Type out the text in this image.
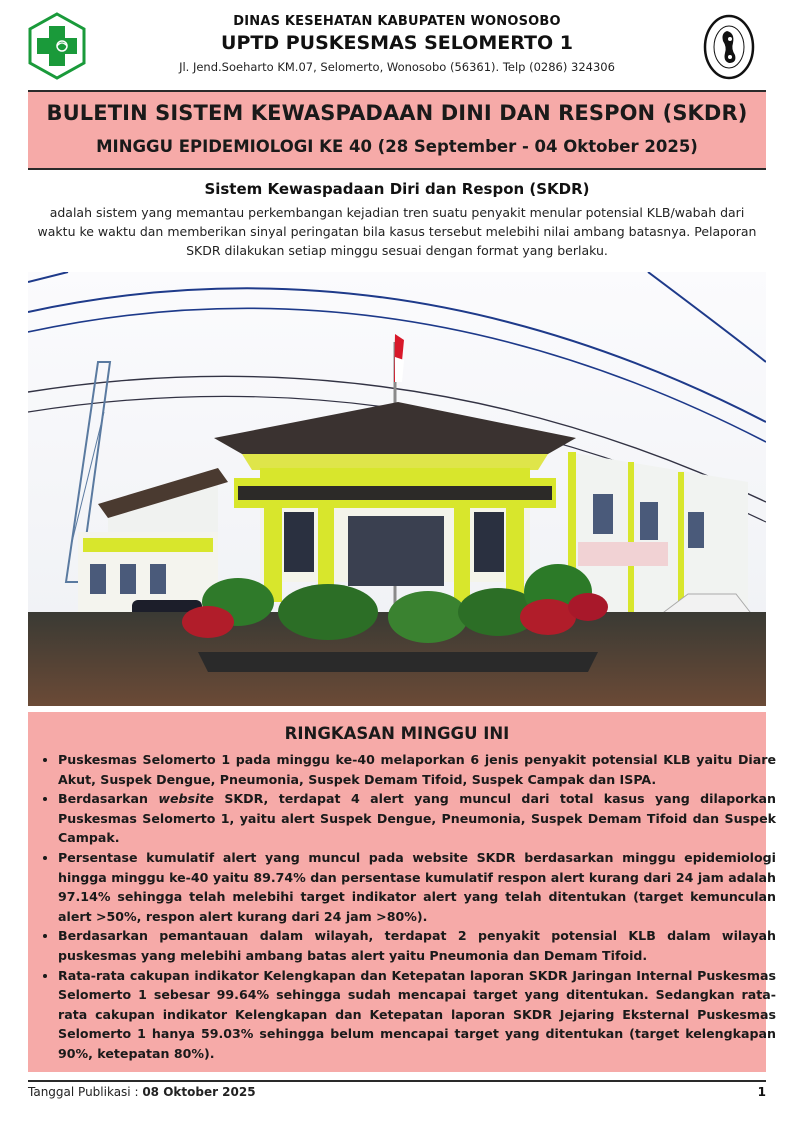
DINAS KESEHATAN KABUPATEN WONOSOBO
UPTD PUSKESMAS SELOMERTO 1
Jl. Jend.Soeharto KM.07, Selomerto, Wonosobo (56361). Telp (0286) 324306
BULETIN SISTEM KEWASPADAAN DINI DAN RESPON (SKDR)
MINGGU EPIDEMIOLOGI KE 40 (28 September - 04 Oktober 2025)
Sistem Kewaspadaan Diri dan Respon (SKDR)
adalah sistem yang memantau perkembangan kejadian tren suatu penyakit menular potensial KLB/wabah dari waktu ke waktu dan memberikan sinyal peringatan bila kasus tersebut melebihi nilai ambang batasnya. Pelaporan SKDR dilakukan setiap minggu sesuai dengan format yang berlaku.
RINGKASAN MINGGU INI
• Puskesmas Selomerto 1 pada minggu ke-40 melaporkan 6 jenis penyakit potensial KLB yaitu Diare Akut, Suspek Dengue, Pneumonia, Suspek Demam Tifoid, Suspek Campak dan ISPA.
• Berdasarkan website SKDR, terdapat 4 alert yang muncul dari total kasus yang dilaporkan Puskesmas Selomerto 1, yaitu alert Suspek Dengue, Pneumonia, Suspek Demam Tifoid dan Suspek Campak.
• Persentase kumulatif alert yang muncul pada website SKDR berdasarkan minggu epidemiologi hingga minggu ke-40 yaitu 89.74% dan persentase kumulatif respon alert kurang dari 24 jam adalah 97.14% sehingga telah melebihi target indikator alert yang telah ditentukan (target kemunculan alert >50%, respon alert kurang dari 24 jam >80%).
• Berdasarkan pemantauan dalam wilayah, terdapat 2 penyakit potensial KLB dalam wilayah puskesmas yang melebihi ambang batas alert yaitu Pneumonia dan Demam Tifoid.
• Rata-rata cakupan indikator Kelengkapan dan Ketepatan laporan SKDR Jaringan Internal Puskesmas Selomerto 1 sebesar 99.64% sehingga sudah mencapai target yang ditentukan. Sedangkan rata-rata cakupan indikator Kelengkapan dan Ketepatan laporan SKDR Jejaring Eksternal Puskesmas Selomerto 1 hanya 59.03% sehingga belum mencapai target yang ditentukan (target kelengkapan 90%, ketepatan 80%).
Tanggal Publikasi : 08 Oktober 2025	1
